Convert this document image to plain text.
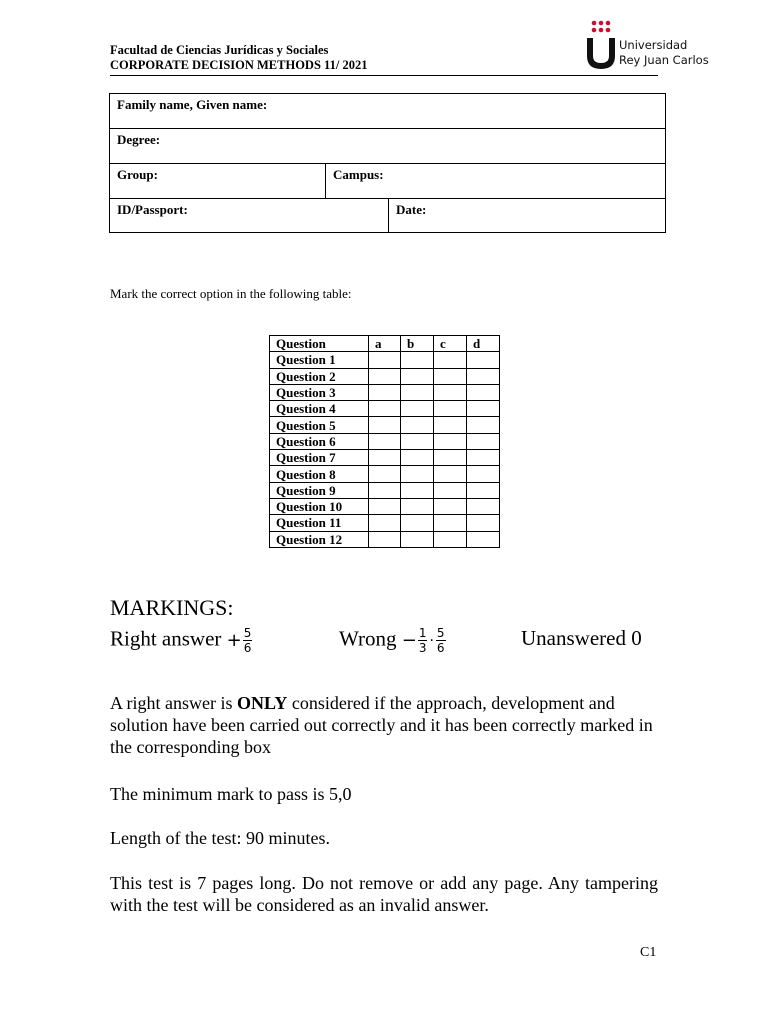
Facultad de Ciencias Jurídicas y Sociales
CORPORATE DECISION METHODS 11/ 2021
Universidad
Rey Juan Carlos
Family name, Given name:
Degree:
Group:	Campus:
ID/Passport:	Date:
Mark the correct option in the following table:
Question	a	b	c	d
Question 1				
Question 2				
Question 3				
Question 4				
Question 5				
Question 6				
Question 7				
Question 8				
Question 9				
Question 10				
Question 11				
Question 12				
MARKINGS:
Right answer + $\frac{5}{6}$	Wrong − $\frac{1}{3} \cdot \frac{5}{6}$	Unanswered 0
A right answer is ONLY considered if the approach, development and solution have been carried out correctly and it has been correctly marked in the corresponding box
The minimum mark to pass is 5,0
Length of the test: 90 minutes.
This test is 7 pages long. Do not remove or add any page. Any tampering with the test will be considered as an invalid answer.
C1
